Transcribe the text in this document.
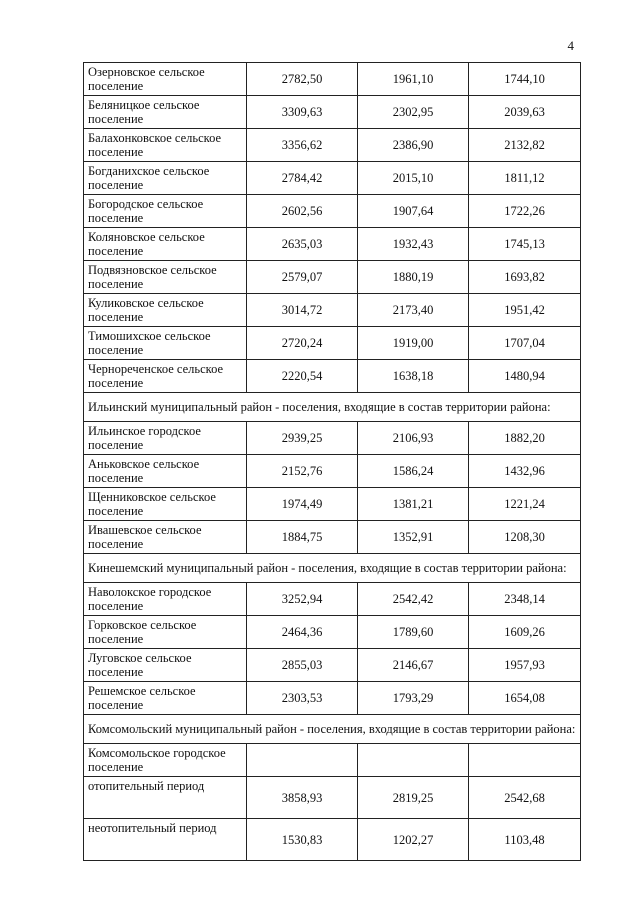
4
Озерновское сельское поселение	2782,50	1961,10	1744,10
Беляницкое сельское поселение	3309,63	2302,95	2039,63
Балахонковское сельское поселение	3356,62	2386,90	2132,82
Богданихское сельское поселение	2784,42	2015,10	1811,12
Богородское сельское поселение	2602,56	1907,64	1722,26
Коляновское сельское поселение	2635,03	1932,43	1745,13
Подвязновское сельское поселение	2579,07	1880,19	1693,82
Куликовское сельское поселение	3014,72	2173,40	1951,42
Тимошихское сельское поселение	2720,24	1919,00	1707,04
Чернореченское сельское поселение	2220,54	1638,18	1480,94
Ильинский муниципальный район - поселения, входящие в состав территории района:			
Ильинское городское поселение	2939,25	2106,93	1882,20
Аньковское сельское поселение	2152,76	1586,24	1432,96
Щенниковское сельское поселение	1974,49	1381,21	1221,24
Ивашевское сельское поселение	1884,75	1352,91	1208,30
Кинешемский муниципальный район - поселения, входящие в состав территории района:			
Наволокское городское поселение	3252,94	2542,42	2348,14
Горковское сельское поселение	2464,36	1789,60	1609,26
Луговское сельское поселение	2855,03	2146,67	1957,93
Решемское сельское поселение	2303,53	1793,29	1654,08
Комсомольский муниципальный район - поселения, входящие в состав территории района:			
Комсомольское городское поселение			
отопительный период	3858,93	2819,25	2542,68
неотопительный период	1530,83	1202,27	1103,48
